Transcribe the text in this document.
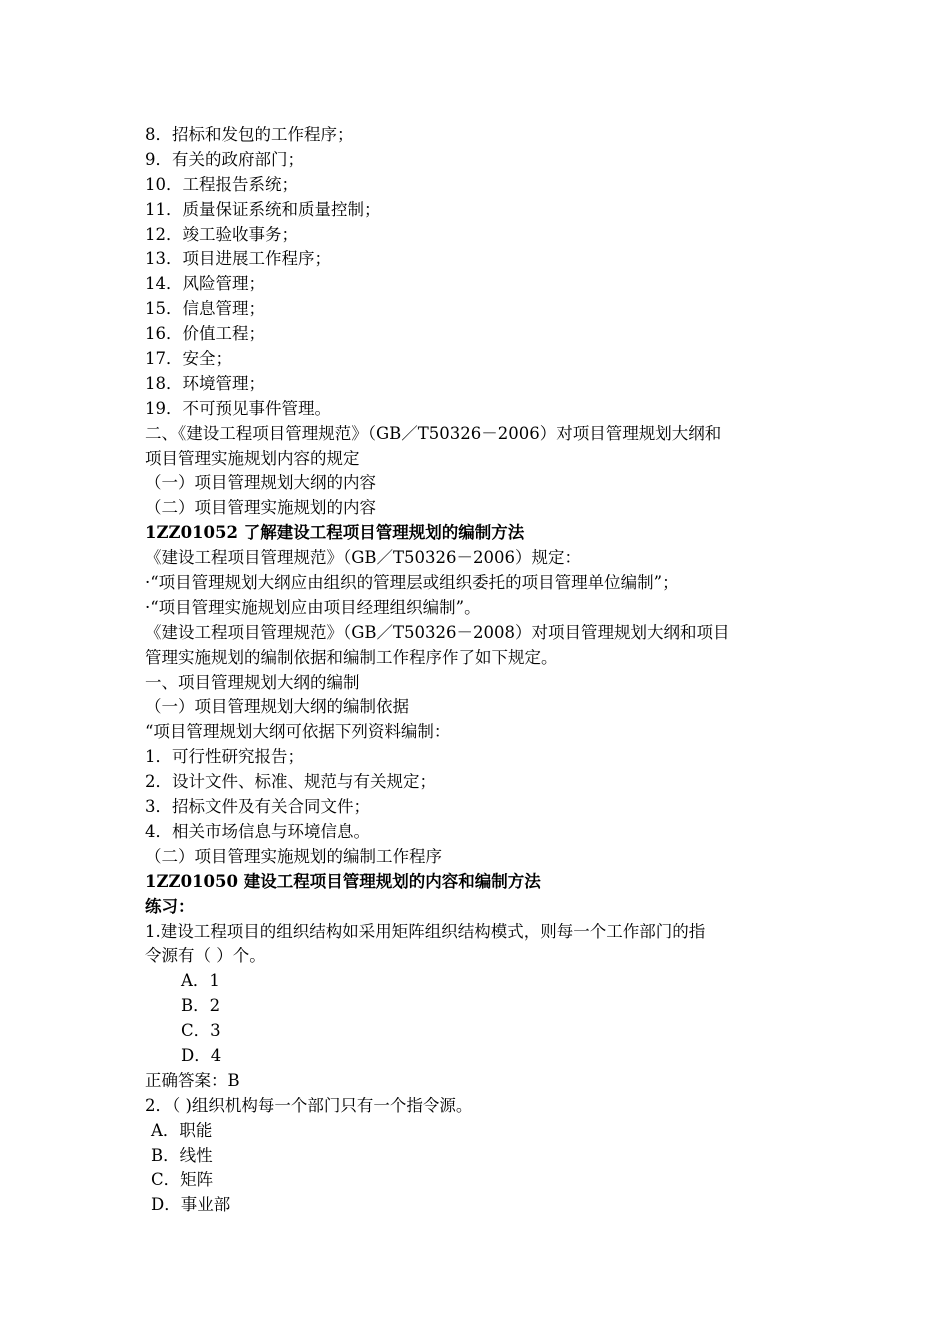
8．招标和发包的工作程序；
9．有关的政府部门；
10．工程报告系统；
11．质量保证系统和质量控制；
12．竣工验收事务；
13．项目进展工作程序；
14．风险管理；
15．信息管理；
16．价值工程；
17．安全；
18．环境管理；
19．不可预见事件管理。
二、《建设工程项目管理规范》（GB／T50326－2006）对项目管理规划大纲和
项目管理实施规划内容的规定
（一）项目管理规划大纲的内容
（二）项目管理实施规划的内容
1ZZ01052 了解建设工程项目管理规划的编制方法
《建设工程项目管理规范》（GB／T50326－2006）规定：
·“项目管理规划大纲应由组织的管理层或组织委托的项目管理单位编制”；
·“项目管理实施规划应由项目经理组织编制”。
《建设工程项目管理规范》（GB／T50326－2008）对项目管理规划大纲和项目
管理实施规划的编制依据和编制工作程序作了如下规定。
一、项目管理规划大纲的编制
（一）项目管理规划大纲的编制依据
“项目管理规划大纲可依据下列资料编制：
1．可行性研究报告；
2．设计文件、标准、规范与有关规定；
3．招标文件及有关合同文件；
4．相关市场信息与环境信息。
（二）项目管理实施规划的编制工作程序
1ZZ01050 建设工程项目管理规划的内容和编制方法
练习：
1.建设工程项目的组织结构如采用矩阵组织结构模式，则每一个工作部门的指
令源有（ ）个。
A．1
B．2
C．3
D．4
正确答案：B
2．（ )组织机构每一个部门只有一个指令源。
A．职能
B．线性
C．矩阵
D．事业部
